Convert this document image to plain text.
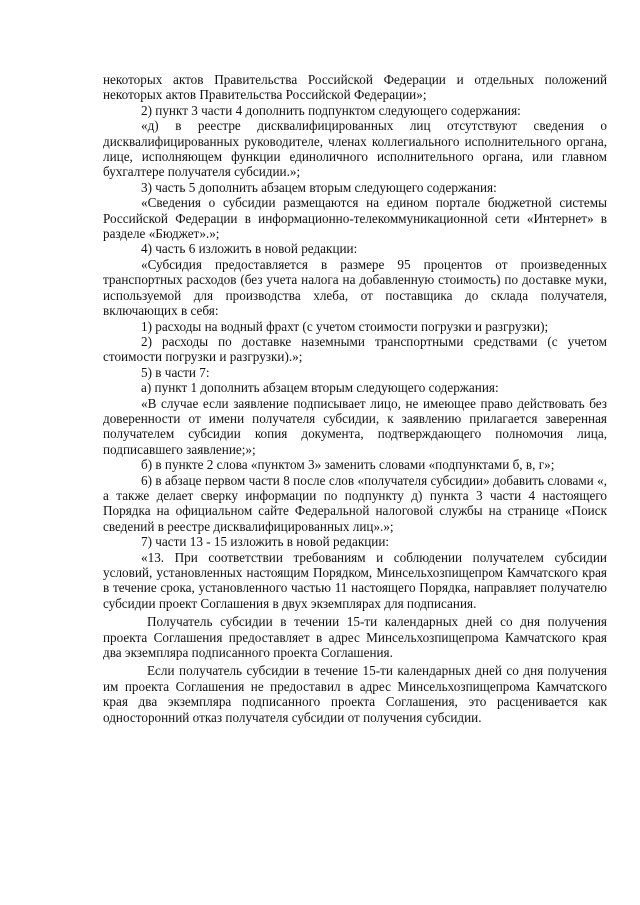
некоторых актов Правительства Российской Федерации и отдельных положений некоторых актов Правительства Российской Федерации»;

2) пункт 3 части 4 дополнить подпунктом следующего содержания:

«д) в реестре дисквалифицированных лиц отсутствуют сведения о дисквалифицированных руководителе, членах коллегиального исполнительного органа, лице, исполняющем функции единоличного исполнительного органа, или главном бухгалтере получателя субсидии.»;

3) часть 5 дополнить абзацем вторым следующего содержания:

«Сведения о субсидии размещаются на едином портале бюджетной системы Российской Федерации в информационно-телекоммуникационной сети «Интернет» в разделе «Бюджет».»;

4) часть 6 изложить в новой редакции:

«Субсидия предоставляется в размере 95 процентов от произведенных транспортных расходов (без учета налога на добавленную стоимость) по доставке муки, используемой для производства хлеба, от поставщика до склада получателя, включающих в себя:

1) расходы на водный фрахт (с учетом стоимости погрузки и разгрузки);

2) расходы по доставке наземными транспортными средствами (с учетом стоимости погрузки и разгрузки).»;

5) в части 7:

а) пункт 1 дополнить абзацем вторым следующего содержания:

«В случае если заявление подписывает лицо, не имеющее право действовать без доверенности от имени получателя субсидии, к заявлению прилагается заверенная получателем субсидии копия документа, подтверждающего полномочия лица, подписавшего заявление;»;

б) в пункте 2 слова «пунктом 3» заменить словами «подпунктами б, в, г»;

6) в абзаце первом части 8 после слов «получателя субсидии» добавить словами «, а также делает сверку информации по подпункту д) пункта 3 части 4 настоящего Порядка на официальном сайте Федеральной налоговой службы на странице «Поиск сведений в реестре дисквалифицированных лиц».»;

7) части 13 - 15 изложить в новой редакции:

«13. При соответствии требованиям и соблюдении получателем субсидии условий, установленных настоящим Порядком, Минсельхозпищепром Камчатского края в течение срока, установленного частью 11 настоящего Порядка, направляет получателю субсидии проект Соглашения в двух экземплярах для подписания.

Получатель субсидии в течении 15-ти календарных дней со дня получения проекта Соглашения предоставляет в адрес Минсельхозпищепрома Камчатского края два экземпляра подписанного проекта Соглашения.

Если получатель субсидии в течение 15-ти календарных дней со дня получения им проекта Соглашения не предоставил в адрес Минсельхозпищепрома Камчатского края два экземпляра подписанного проекта Соглашения, это расценивается как односторонний отказ получателя субсидии от получения субсидии.
